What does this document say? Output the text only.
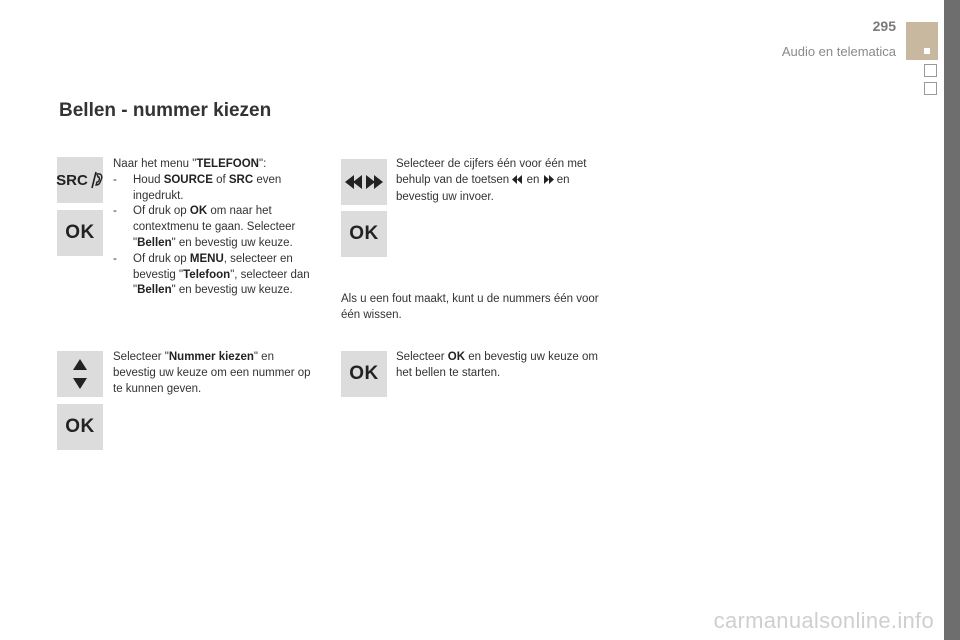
295
Audio en telematica
Bellen - nummer kiezen
SRC
OK
OK
Naar het menu "TELEFOON":
- Houd SOURCE of SRC even ingedrukt.
- Of druk op OK om naar het contextmenu te gaan. Selecteer "Bellen" en bevestig uw keuze.
- Of druk op MENU, selecteer en bevestig "Telefoon", selecteer dan "Bellen" en bevestig uw keuze.
Selecteer "Nummer kiezen" en bevestig uw keuze om een nummer op te kunnen geven.
OK
OK
Selecteer de cijfers één voor één met behulp van de toetsen  en  en bevestig uw invoer.
Als u een fout maakt, kunt u de nummers één voor één wissen.
Selecteer OK en bevestig uw keuze om het bellen te starten.
carmanualsonline.info
